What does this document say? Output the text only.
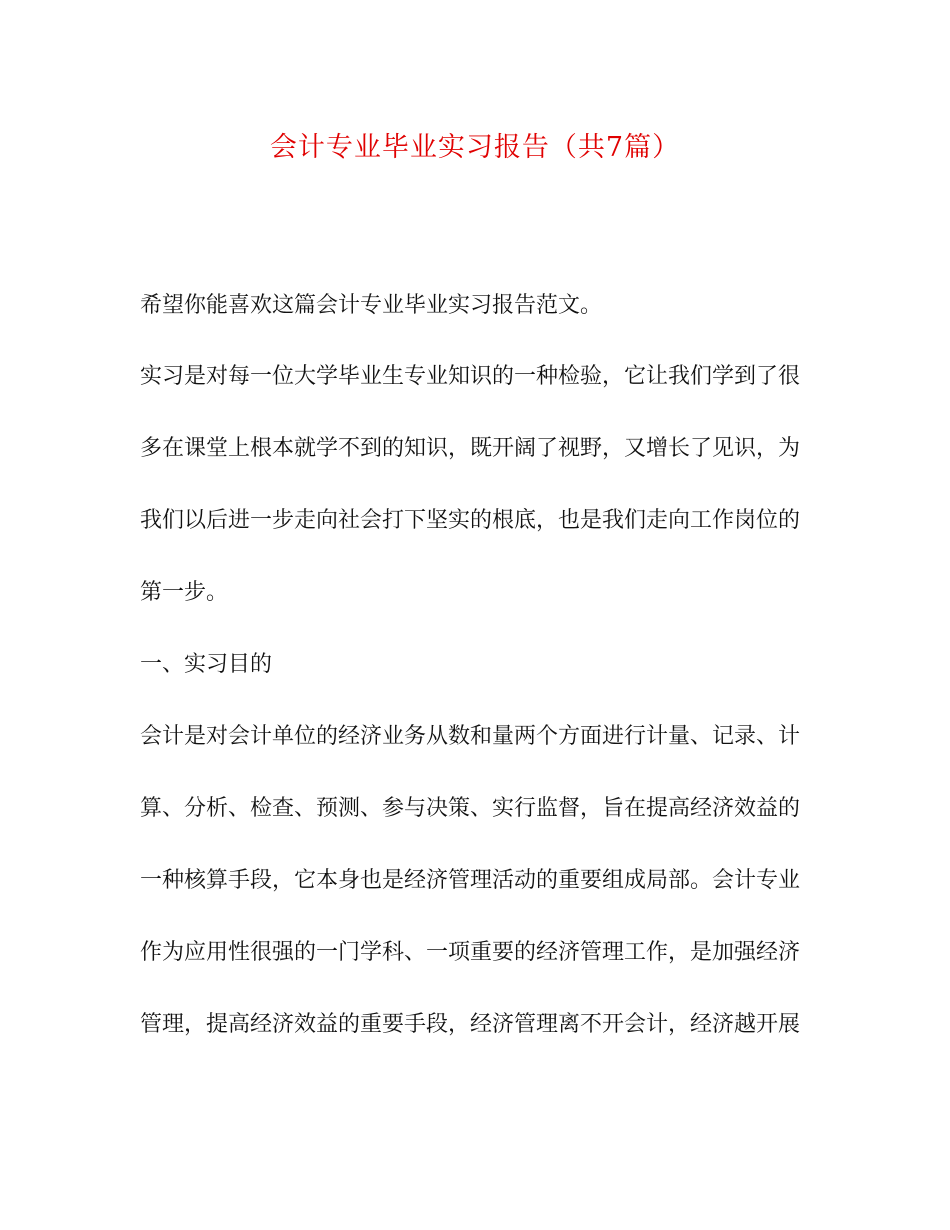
会计专业毕业实习报告（共7篇）
希望你能喜欢这篇会计专业毕业实习报告范文。
实习是对每一位大学毕业生专业知识的一种检验，它让我们学到了很
多在课堂上根本就学不到的知识，既开阔了视野，又增长了见识，为
我们以后进一步走向社会打下坚实的根底，也是我们走向工作岗位的
第一步。
一、实习目的
会计是对会计单位的经济业务从数和量两个方面进行计量、记录、计
算、分析、检查、预测、参与决策、实行监督，旨在提高经济效益的
一种核算手段，它本身也是经济管理活动的重要组成局部。会计专业
作为应用性很强的一门学科、一项重要的经济管理工作，是加强经济
管理，提高经济效益的重要手段，经济管理离不开会计，经济越开展
